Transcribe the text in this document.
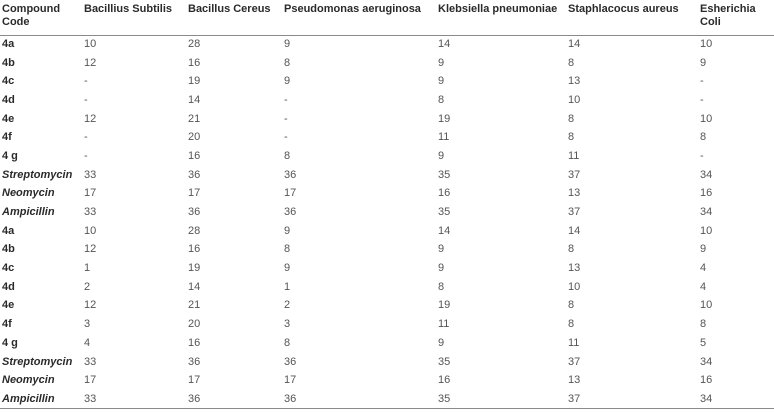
Compound Code	Bacillius Subtilis	Bacillus Cereus	Pseudomonas aeruginosa	Klebsiella pneumoniae	Staphlacocus aureus	Esherichia Coli
4a	10	28	9	14	14	10
4b	12	16	8	9	8	9
4c	-	19	9	9	13	-
4d	-	14	-	8	10	-
4e	12	21	-	19	8	10
4f	-	20	-	11	8	8
4 g	-	16	8	9	11	-
Streptomycin	33	36	36	35	37	34
Neomycin	17	17	17	16	13	16
Ampicillin	33	36	36	35	37	34
4a	10	28	9	14	14	10
4b	12	16	8	9	8	9
4c	1	19	9	9	13	4
4d	2	14	1	8	10	4
4e	12	21	2	19	8	10
4f	3	20	3	11	8	8
4 g	4	16	8	9	11	5
Streptomycin	33	36	36	35	37	34
Neomycin	17	17	17	16	13	16
Ampicillin	33	36	36	35	37	34
